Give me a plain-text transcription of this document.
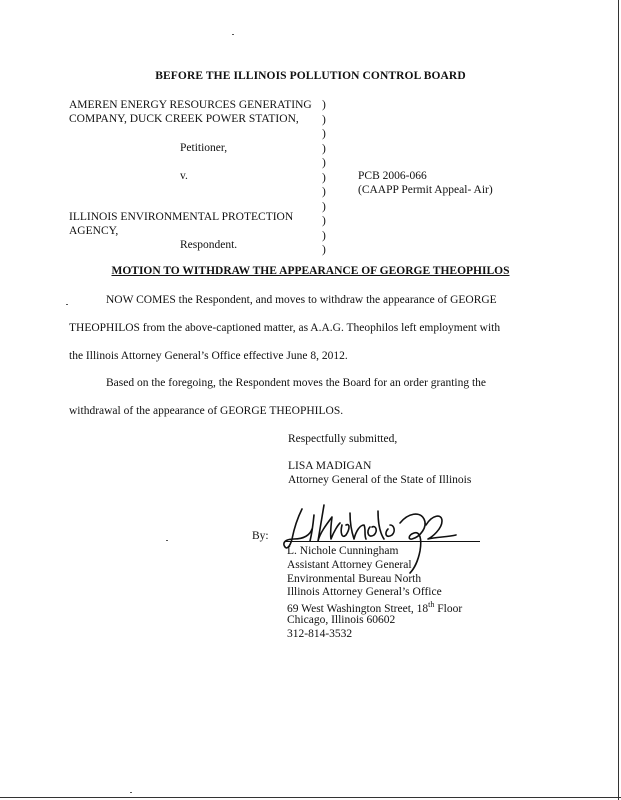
BEFORE THE ILLINOIS POLLUTION CONTROL BOARD
AMEREN ENERGY RESOURCES GENERATING
COMPANY, DUCK CREEK POWER STATION,
Petitioner,
v.
ILLINOIS ENVIRONMENTAL PROTECTION
AGENCY,
Respondent.
)
)
)
)
)
)
)
)
)
)
)
PCB 2006-066
(CAAPP Permit Appeal- Air)
MOTION TO WITHDRAW THE APPEARANCE OF GEORGE THEOPHILOS
NOW COMES the Respondent, and moves to withdraw the appearance of GEORGE
THEOPHILOS from the above-captioned matter, as A.A.G. Theophilos left employment with
the Illinois Attorney General’s Office effective June 8, 2012.
Based on the foregoing, the Respondent moves the Board for an order granting the
withdrawal of the appearance of GEORGE THEOPHILOS.
Respectfully submitted,
LISA MADIGAN
Attorney General of the State of Illinois
By:
L. Nichole Cunningham
Assistant Attorney General
Environmental Bureau North
Illinois Attorney General’s Office
69 West Washington Street, 18th Floor
Chicago, Illinois 60602
312-814-3532
